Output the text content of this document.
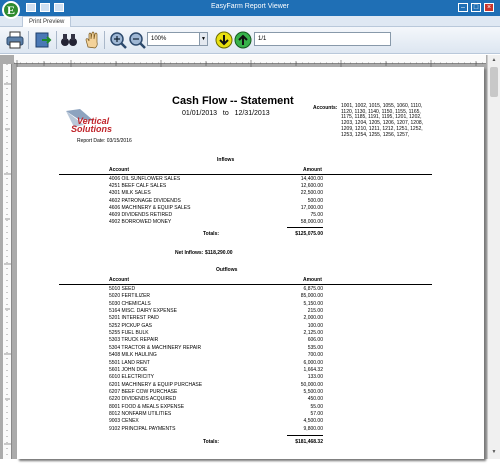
EasyFarm Report Viewer	–	□	×
E
Print Preview
100%	▼	1/1
▲
▼
Vertical
Solutions
Report Date: 03/15/2016
Cash Flow -- Statement
01/01/2013 to 12/31/2013
Accounts: 1001, 1002, 1015, 1055, 1060, 1110, 1120, 1130, 1140, 1150, 1155, 1165, 1175, 1185, 1191, 1195, 1201, 1202, 1203, 1204, 1205, 1206, 1207, 1208, 1209, 1210, 1211, 1212, 1251, 1252, 1253, 1254, 1255, 1256, 1257,
Inflows
Account	Amount
4006 OIL SUNFLOWER SALES	14,400.00
4251 BEEF CALF SALES	12,600.00
4301 MILK SALES	22,500.00
4602 PATRONAGE DIVIDENDS	500.00
4606 MACHINERY & EQUIP SALES	17,000.00
4609 DIVIDENDS RETIRED	75.00
4902 BORROWED MONEY	58,000.00
Totals:	$125,075.00
Net Inflows: $118,290.00
Outflows
Account	Amount
5010 SEED	6,875.00
5020 FERTILIZER	85,000.00
5030 CHEMICALS	5,150.00
5164 MISC. DAIRY EXPENSE	215.00
5201 INTEREST PAID	2,000.00
5252 PICKUP GAS	100.00
5255 FUEL BULK	2,125.00
5303 TRUCK REPAIR	606.00
5304 TRACTOR & MACHINERY REPAIR	535.00
5408 MILK HAULING	700.00
5501 LAND RENT	6,000.00
5601 JOHN DOE	1,664.32
6010 ELECTRICITY	133.00
6201 MACHINERY & EQUIP PURCHASE	50,000.00
6207 BEEF COW PURCHASE	5,500.00
6220 DIVIDENDS ACQUIRED	450.00
8001 FOOD & MEALS EXPENSE	55.00
8012 NONFARM UTILITIES	57.00
9003 CENEX	4,500.00
9102 PRINCIPAL PAYMENTS	9,800.00
Totals:	$181,468.32
